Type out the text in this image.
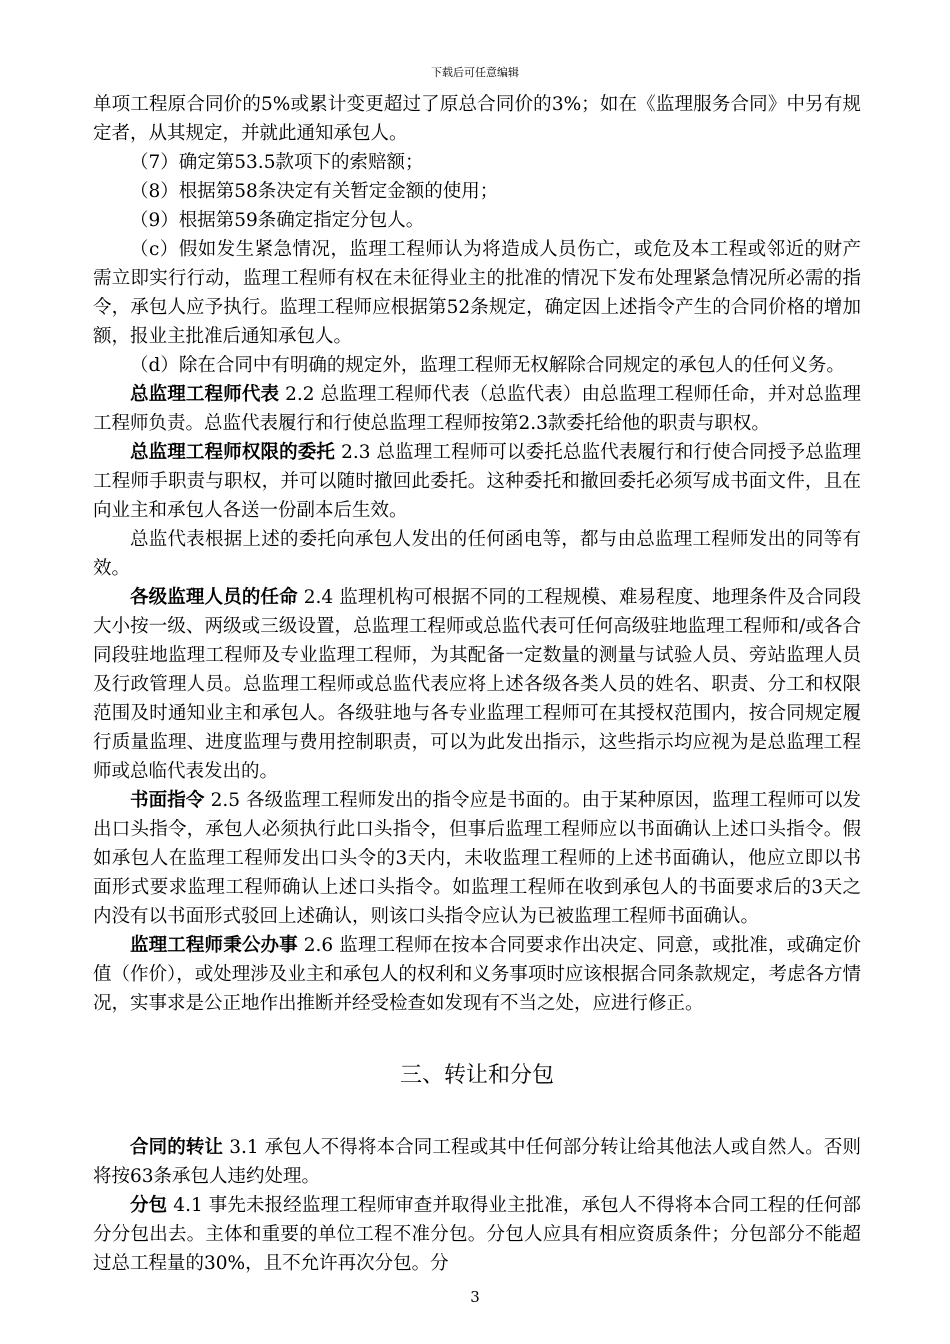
下载后可任意编辑

单项工程原合同价的5%或累计变更超过了原总合同价的3%；如在《监理服务合同》中另有规定者，从其规定，并就此通知承包人。

（7）确定第53.5款项下的索赔额；

（8）根据第58条决定有关暂定金额的使用；

（9）根据第59条确定指定分包人。

（c）假如发生紧急情况，监理工程师认为将造成人员伤亡，或危及本工程或邻近的财产需立即实行行动，监理工程师有权在未征得业主的批准的情况下发布处理紧急情况所必需的指令，承包人应予执行。监理工程师应根据第52条规定，确定因上述指令产生的合同价格的增加额，报业主批准后通知承包人。

（d）除在合同中有明确的规定外，监理工程师无权解除合同规定的承包人的任何义务。

总监理工程师代表 2.2 总监理工程师代表（总监代表）由总监理工程师任命，并对总监理工程师负责。总监代表履行和行使总监理工程师按第2.3款委托给他的职责与职权。

总监理工程师权限的委托 2.3 总监理工程师可以委托总监代表履行和行使合同授予总监理工程师手职责与职权，并可以随时撤回此委托。这种委托和撤回委托必须写成书面文件，且在向业主和承包人各送一份副本后生效。

总监代表根据上述的委托向承包人发出的任何函电等，都与由总监理工程师发出的同等有效。

各级监理人员的任命 2.4 监理机构可根据不同的工程规模、难易程度、地理条件及合同段大小按一级、两级或三级设置，总监理工程师或总监代表可任何高级驻地监理工程师和/或各合同段驻地监理工程师及专业监理工程师，为其配备一定数量的测量与试验人员、旁站监理人员及行政管理人员。总监理工程师或总监代表应将上述各级各类人员的姓名、职责、分工和权限范围及时通知业主和承包人。各级驻地与各专业监理工程师可在其授权范围内，按合同规定履行质量监理、进度监理与费用控制职责，可以为此发出指示，这些指示均应视为是总监理工程师或总临代表发出的。

书面指令 2.5 各级监理工程师发出的指令应是书面的。由于某种原因，监理工程师可以发出口头指令，承包人必须执行此口头指令，但事后监理工程师应以书面确认上述口头指令。假如承包人在监理工程师发出口头令的3天内，未收监理工程师的上述书面确认，他应立即以书面形式要求监理工程师确认上述口头指令。如监理工程师在收到承包人的书面要求后的3天之内没有以书面形式驳回上述确认，则该口头指令应认为已被监理工程师书面确认。

监理工程师秉公办事 2.6 监理工程师在按本合同要求作出决定、同意，或批准，或确定价值（作价），或处理涉及业主和承包人的权利和义务事项时应该根据合同条款规定，考虑各方情况，实事求是公正地作出推断并经受检查如发现有不当之处，应进行修正。

三、转让和分包

合同的转让 3.1 承包人不得将本合同工程或其中任何部分转让给其他法人或自然人。否则将按63条承包人违约处理。

分包 4.1 事先未报经监理工程师审查并取得业主批准，承包人不得将本合同工程的任何部分分包出去。主体和重要的单位工程不准分包。分包人应具有相应资质条件；分包部分不能超过总工程量的30%，且不允许再次分包。分

3
